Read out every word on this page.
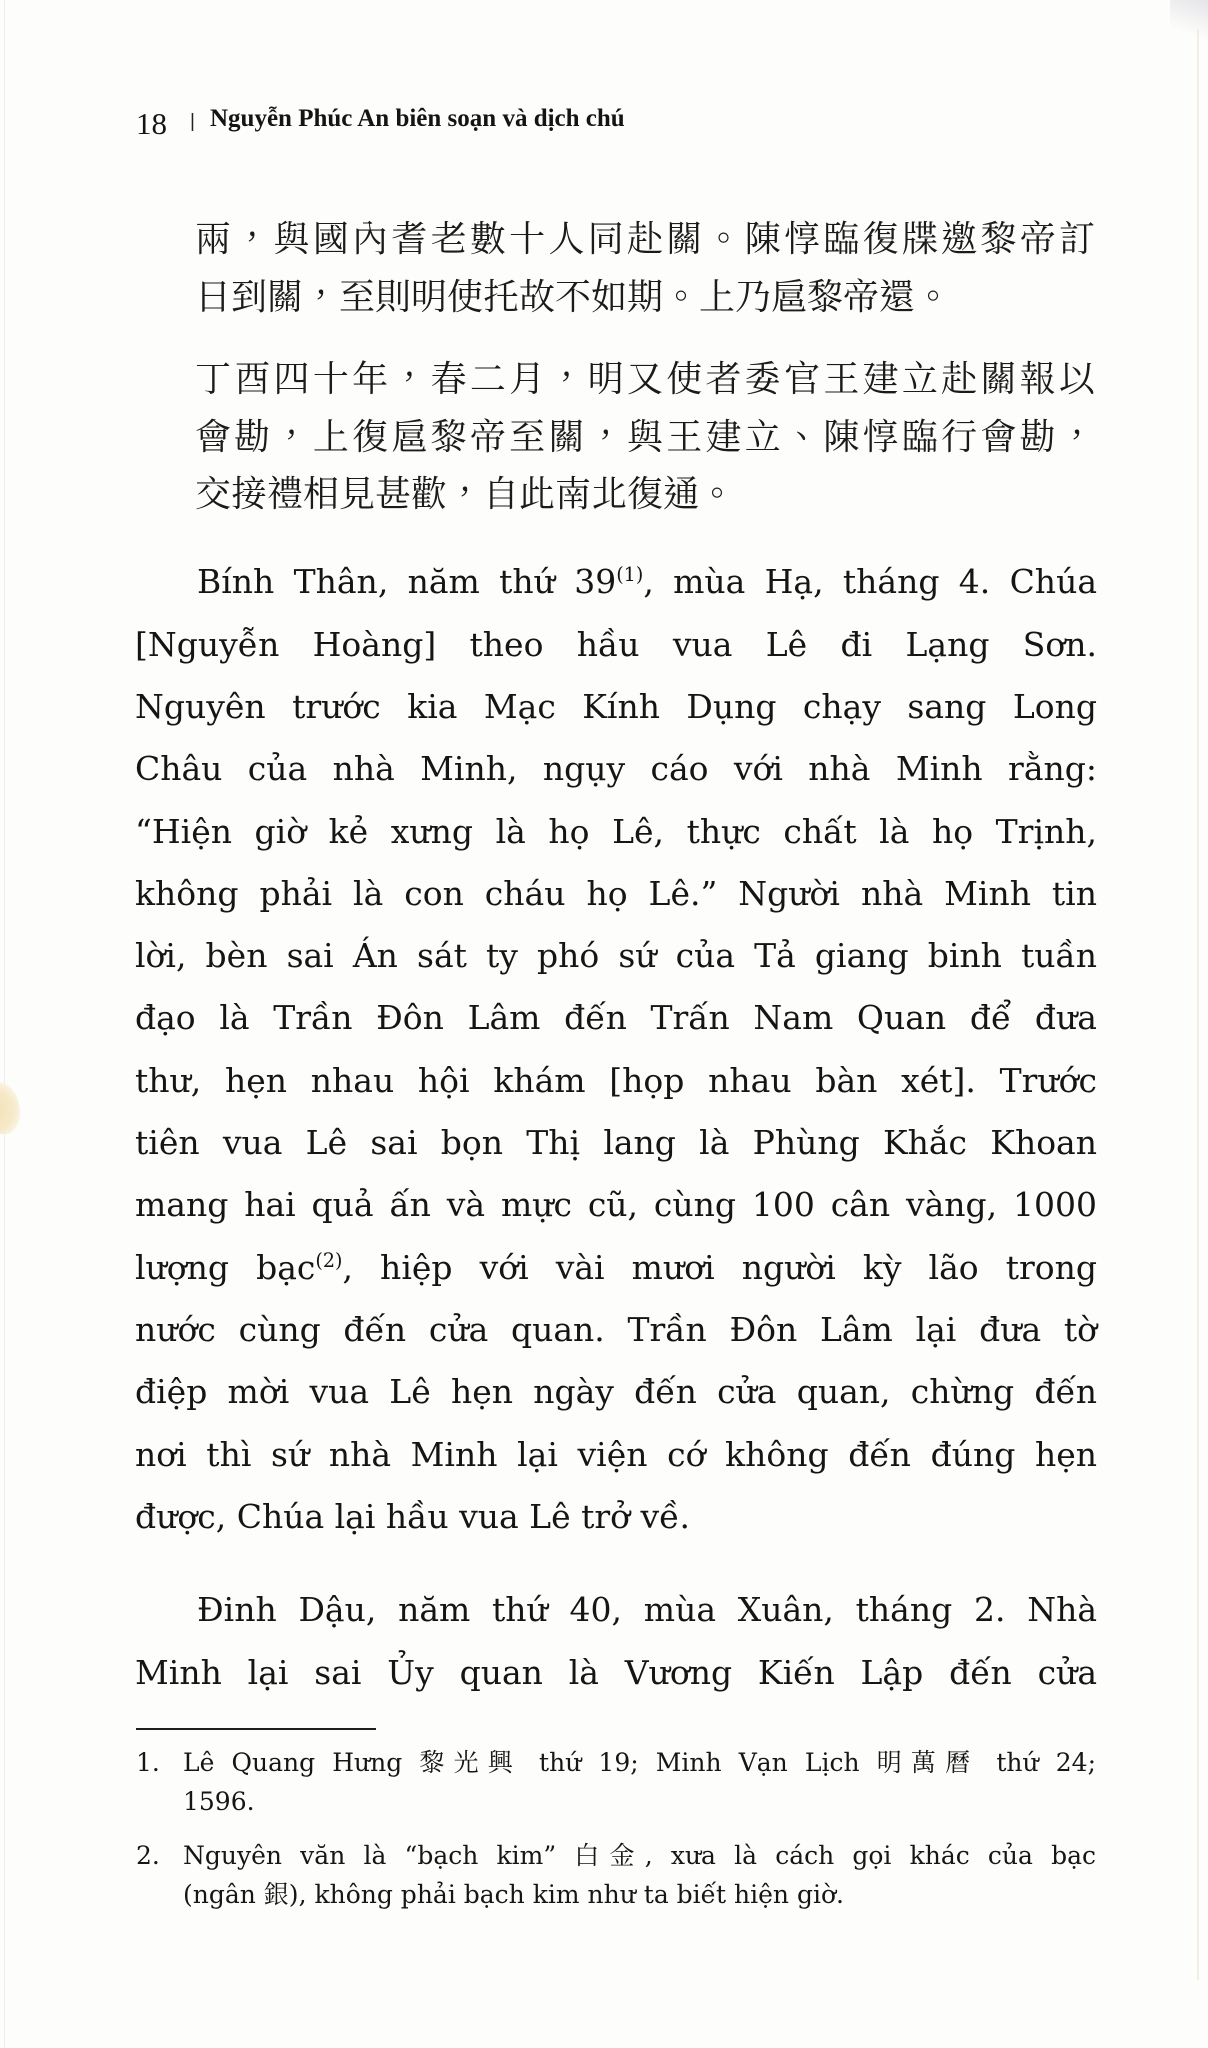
18 | Nguyễn Phúc An biên soạn và dịch chú
兩，與國內耆老數十人同赴關。陳惇臨復牒邀黎帝訂
日到關，至則明使托故不如期。上乃扈黎帝還。
丁酉四十年，春二月，明又使者委官王建立赴關報以
會勘，上復扈黎帝至關，與王建立、陳惇臨行會勘，
交接禮相見甚歡，自此南北復通。
Bính Thân, năm thứ 39$^{(1)}$, mùa Hạ, tháng 4. Chúa
[Nguyễn Hoàng] theo hầu vua Lê đi Lạng Sơn.
Nguyên trước kia Mạc Kính Dụng chạy sang Long
Châu của nhà Minh, ngụy cáo với nhà Minh rằng:
“Hiện giờ kẻ xưng là họ Lê, thực chất là họ Trịnh,
không phải là con cháu họ Lê.” Người nhà Minh tin
lời, bèn sai Án sát ty phó sứ của Tả giang binh tuần
đạo là Trần Đôn Lâm đến Trấn Nam Quan để đưa
thư, hẹn nhau hội khám [họp nhau bàn xét]. Trước
tiên vua Lê sai bọn Thị lang là Phùng Khắc Khoan
mang hai quả ấn và mực cũ, cùng 100 cân vàng, 1000
lượng bạc$^{(2)}$, hiệp với vài mươi người kỳ lão trong
nước cùng đến cửa quan. Trần Đôn Lâm lại đưa tờ
điệp mời vua Lê hẹn ngày đến cửa quan, chừng đến
nơi thì sứ nhà Minh lại viện cớ không đến đúng hẹn
được, Chúa lại hầu vua Lê trở về.
Đinh Dậu, năm thứ 40, mùa Xuân, tháng 2. Nhà
Minh lại sai Ủy quan là Vương Kiến Lập đến cửa
1. Lê Quang Hưng 黎光興 thứ 19; Minh Vạn Lịch 明萬曆 thứ 24;
1596.
2. Nguyên văn là “bạch kim” 白金, xưa là cách gọi khác của bạc
(ngân 銀), không phải bạch kim như ta biết hiện giờ.
